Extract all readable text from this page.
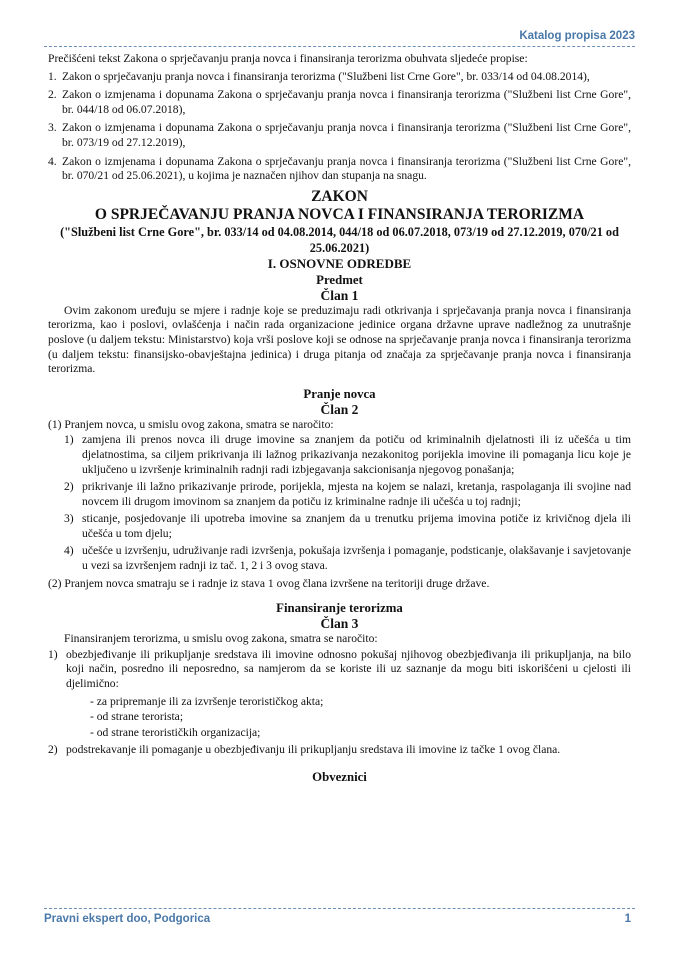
Katalog propisa 2023

Prečišćeni tekst Zakona o sprječavanju pranja novca i finansiranja terorizma obuhvata sljedeće propise:

1. Zakon o sprječavanju pranja novca i finansiranja terorizma ("Službeni list Crne Gore", br. 033/14 od 04.08.2014),
2. Zakon o izmjenama i dopunama Zakona o sprječavanju pranja novca i finansiranja terorizma ("Službeni list Crne Gore", br. 044/18 od 06.07.2018),
3. Zakon o izmjenama i dopunama Zakona o sprječavanju pranja novca i finansiranja terorizma ("Službeni list Crne Gore", br. 073/19 od 27.12.2019),
4. Zakon o izmjenama i dopunama Zakona o sprječavanju pranja novca i finansiranja terorizma ("Službeni list Crne Gore", br. 070/21 od 25.06.2021), u kojima je naznačen njihov dan stupanja na snagu.

ZAKON

O SPRJEČAVANJU PRANJA NOVCA I FINANSIRANJA TERORIZMA

("Službeni list Crne Gore", br. 033/14 od 04.08.2014, 044/18 od 06.07.2018, 073/19 od 27.12.2019, 070/21 od 25.06.2021)

I. OSNOVNE ODREDBE

Predmet

Član 1

Ovim zakonom uređuju se mjere i radnje koje se preduzimaju radi otkrivanja i sprječavanja pranja novca i finansiranja terorizma, kao i poslovi, ovlašćenja i način rada organizacione jedinice organa državne uprave nadležnog za unutrašnje poslove (u daljem tekstu: Ministarstvo) koja vrši poslove koji se odnose na sprječavanje pranja novca i finansiranja terorizma (u daljem tekstu: finansijsko-obavještajna jedinica) i druga pitanja od značaja za sprječavanje pranja novca i finansiranja terorizma.

Pranje novca

Član 2

(1) Pranjem novca, u smislu ovog zakona, smatra se naročito:

1) zamjena ili prenos novca ili druge imovine sa znanjem da potiču od kriminalnih djelatnosti ili iz učešća u tim djelatnostima, sa ciljem prikrivanja ili lažnog prikazivanja nezakonitog porijekla imovine ili pomaganja licu koje je uključeno u izvršenje kriminalnih radnji radi izbjegavanja sakcionisanja njegovog ponašanja;
2) prikrivanje ili lažno prikazivanje prirode, porijekla, mjesta na kojem se nalazi, kretanja, raspolaganja ili svojine nad novcem ili drugom imovinom sa znanjem da potiču iz kriminalne radnje ili učešća u toj radnji;
3) sticanje, posjedovanje ili upotreba imovine sa znanjem da u trenutku prijema imovina potiče iz krivičnog djela ili učešća u tom djelu;
4) učešće u izvršenju, udruživanje radi izvršenja, pokušaja izvršenja i pomaganje, podsticanje, olakšavanje i savjetovanje u vezi sa izvršenjem radnji iz tač. 1, 2 i 3 ovog stava.

(2) Pranjem novca smatraju se i radnje iz stava 1 ovog člana izvršene na teritoriji druge države.

Finansiranje terorizma

Član 3

Finansiranjem terorizma, u smislu ovog zakona, smatra se naročito:

1) obezbjeđivanje ili prikupljanje sredstava ili imovine odnosno pokušaj njihovog obezbjeđivanja ili prikupljanja, na bilo koji način, posredno ili neposredno, sa namjerom da se koriste ili uz saznanje da mogu biti iskorišćeni u cjelosti ili djelimično:

- za pripremanje ili za izvršenje terorističkog akta;

- od strane terorista;

- od strane terorističkih organizacija;

2) podstrekavanje ili pomaganje u obezbjeđivanju ili prikupljanju sredstava ili imovine iz tačke 1 ovog člana.

Obveznici

Pravni ekspert doo, Podgorica	1
